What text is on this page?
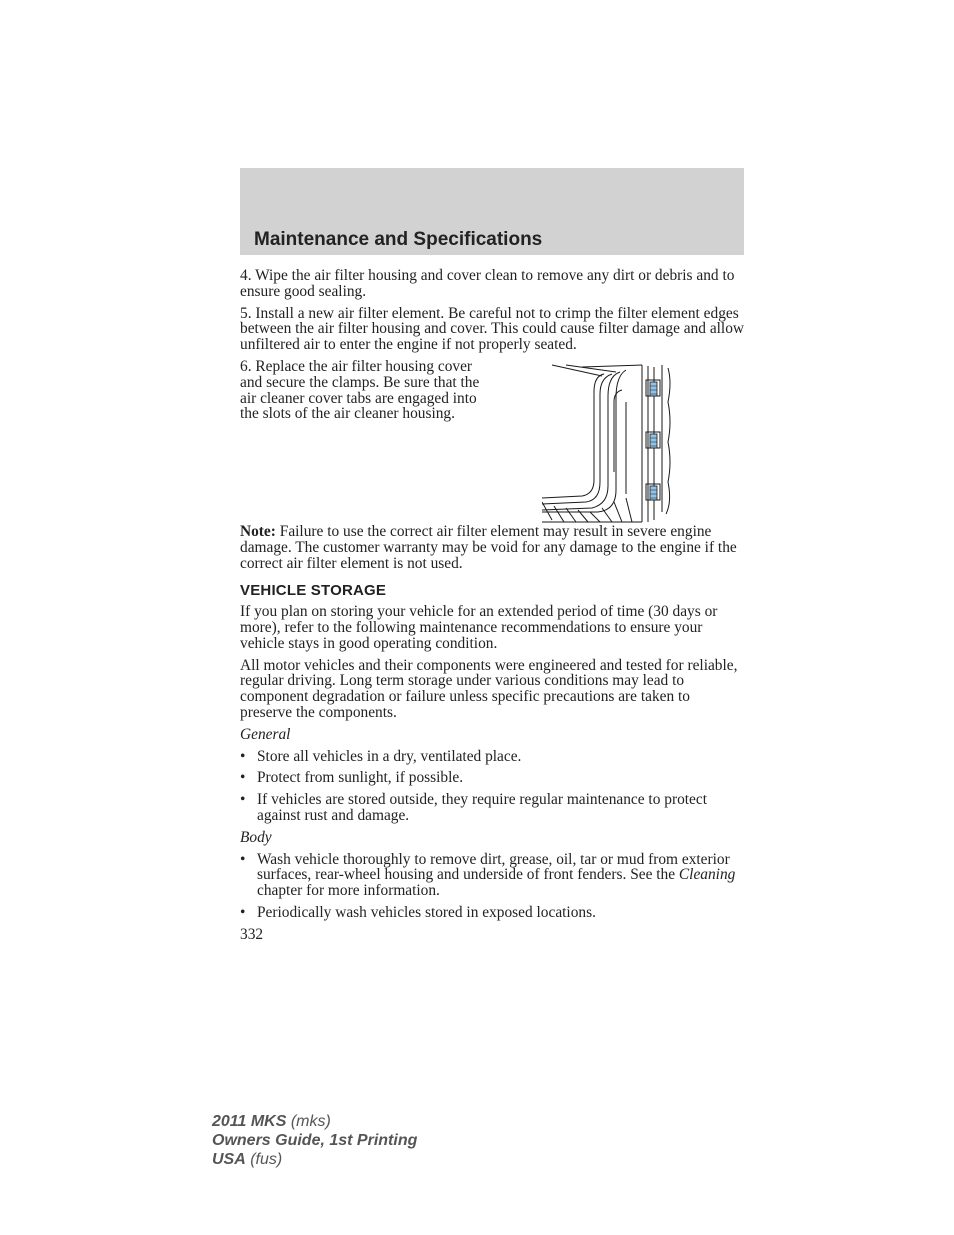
Maintenance and Specifications

4. Wipe the air filter housing and cover clean to remove any dirt or debris and to ensure good sealing.

5. Install a new air filter element. Be careful not to crimp the filter element edges between the air filter housing and cover. This could cause filter damage and allow unfiltered air to enter the engine if not properly seated.

6. Replace the air filter housing cover and secure the clamps. Be sure that the air cleaner cover tabs are engaged into the slots of the air cleaner housing.

Note: Failure to use the correct air filter element may result in severe engine damage. The customer warranty may be void for any damage to the engine if the correct air filter element is not used.

VEHICLE STORAGE

If you plan on storing your vehicle for an extended period of time (30 days or more), refer to the following maintenance recommendations to ensure your vehicle stays in good operating condition.

All motor vehicles and their components were engineered and tested for reliable, regular driving. Long term storage under various conditions may lead to component degradation or failure unless specific precautions are taken to preserve the components.

General

• Store all vehicles in a dry, ventilated place.
• Protect from sunlight, if possible.
• If vehicles are stored outside, they require regular maintenance to protect against rust and damage.

Body

• Wash vehicle thoroughly to remove dirt, grease, oil, tar or mud from exterior surfaces, rear-wheel housing and underside of front fenders. See the Cleaning chapter for more information.
• Periodically wash vehicles stored in exposed locations.
332
2011 MKS (mks)
Owners Guide, 1st Printing
USA (fus)
